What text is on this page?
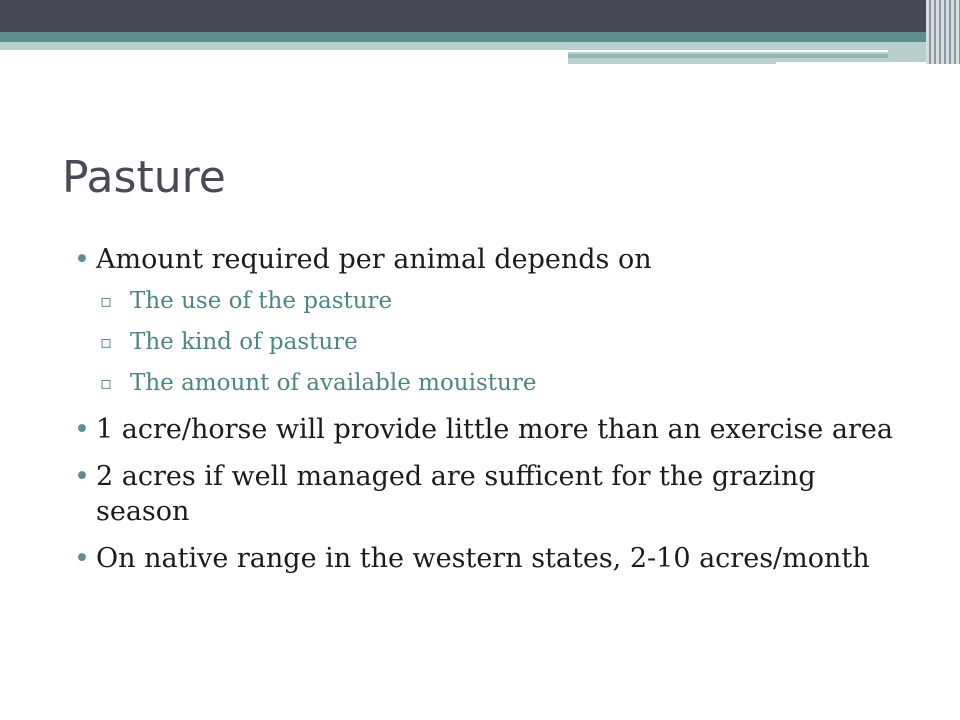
Pasture
• Amount required per animal depends on
▫ The use of the pasture
▫ The kind of pasture
▫ The amount of available mouisture
• 1 acre/horse will provide little more than an exercise area
• 2 acres if well managed are sufficent for the grazing season
• On native range in the western states, 2-10 acres/month
